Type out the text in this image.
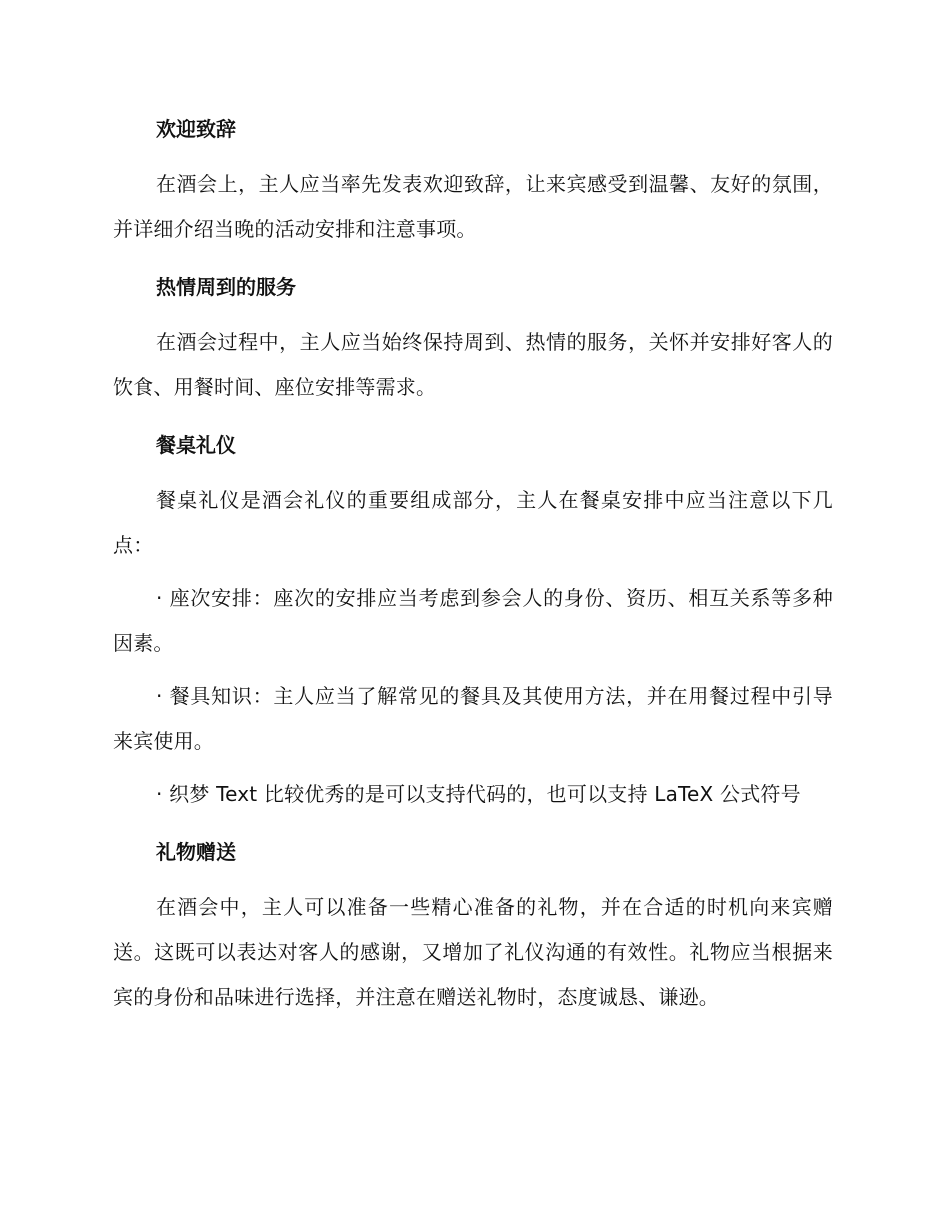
欢迎致辞

在酒会上，主人应当率先发表欢迎致辞，让来宾感受到温馨、友好的氛围，并详细介绍当晚的活动安排和注意事项。

热情周到的服务

在酒会过程中，主人应当始终保持周到、热情的服务，关怀并安排好客人的饮食、用餐时间、座位安排等需求。

餐桌礼仪

餐桌礼仪是酒会礼仪的重要组成部分，主人在餐桌安排中应当注意以下几点：

· 座次安排：座次的安排应当考虑到参会人的身份、资历、相互关系等多种因素。

· 餐具知识：主人应当了解常见的餐具及其使用方法，并在用餐过程中引导来宾使用。

· 织梦 Text 比较优秀的是可以支持代码的，也可以支持 LaTeX 公式符号

礼物赠送

在酒会中，主人可以准备一些精心准备的礼物，并在合适的时机向来宾赠送。这既可以表达对客人的感谢，又增加了礼仪沟通的有效性。礼物应当根据来宾的身份和品味进行选择，并注意在赠送礼物时，态度诚恳、谦逊。
